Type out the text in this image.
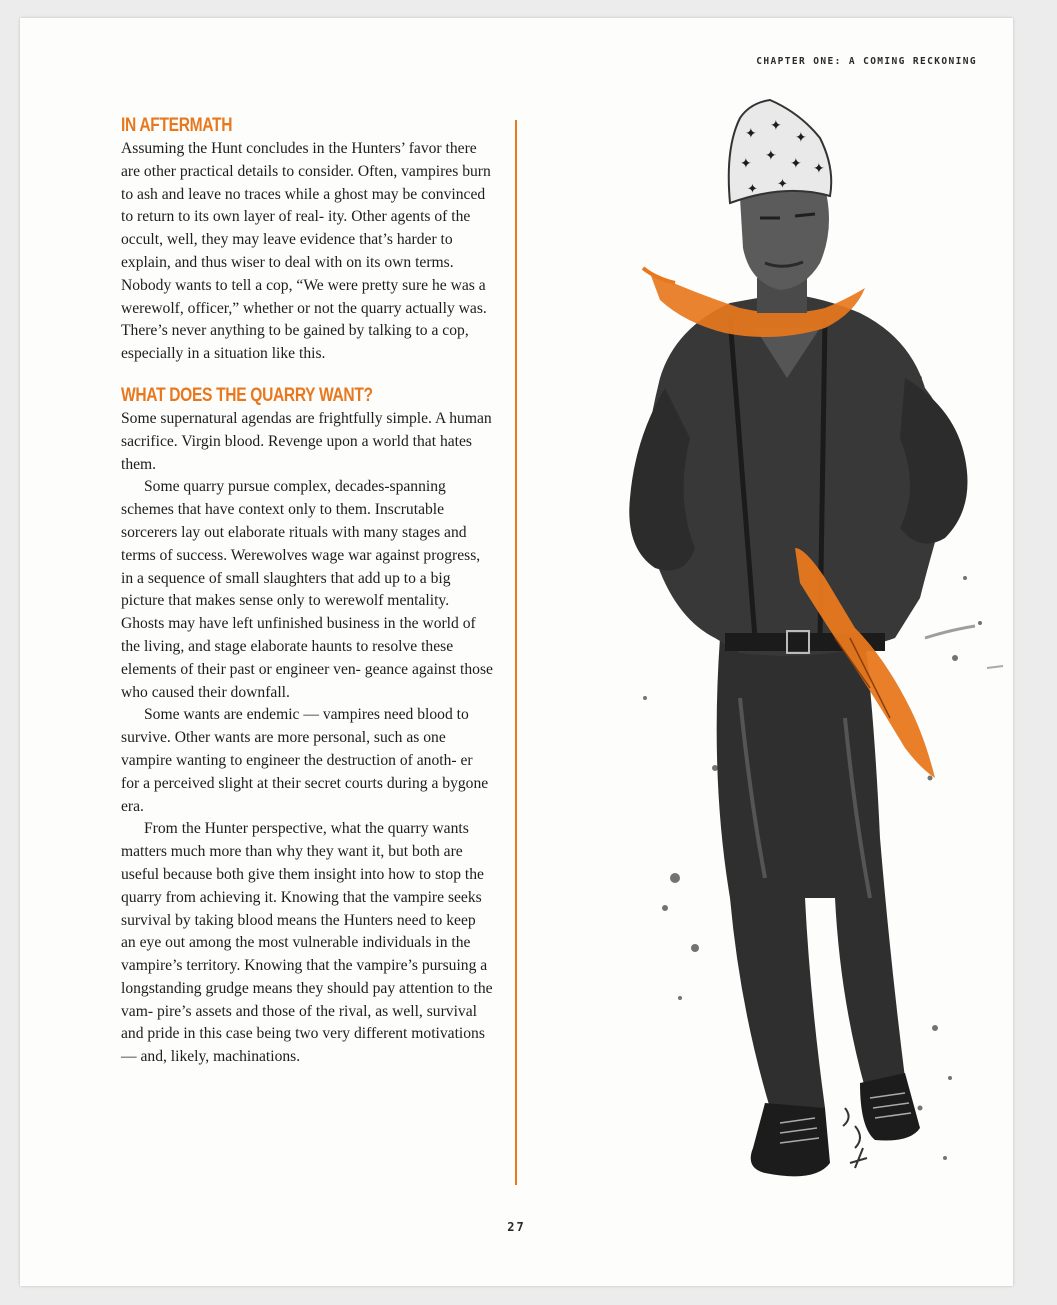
CHAPTER ONE: A COMING RECKONING
IN AFTERMATH

Assuming the Hunt concludes in the Hunters’ favor there are other practical details to consider. Often, vampires burn to ash and leave no traces while a ghost may be convinced to return to its own layer of real- ity. Other agents of the occult, well, they may leave evidence that’s harder to explain, and thus wiser to deal with on its own terms. Nobody wants to tell a cop, “We were pretty sure he was a werewolf, officer,” whether or not the quarry actually was. There’s never anything to be gained by talking to a cop, especially in a situation like this.

WHAT DOES THE QUARRY WANT?

Some supernatural agendas are frightfully simple. A human sacrifice. Virgin blood. Revenge upon a world that hates them.

Some quarry pursue complex, decades-spanning schemes that have context only to them. Inscrutable sorcerers lay out elaborate rituals with many stages and terms of success. Werewolves wage war against progress, in a sequence of small slaughters that add up to a big picture that makes sense only to werewolf mentality. Ghosts may have left unfinished business in the world of the living, and stage elaborate haunts to resolve these elements of their past or engineer ven- geance against those who caused their downfall.

Some wants are endemic — vampires need blood to survive. Other wants are more personal, such as one vampire wanting to engineer the destruction of anoth- er for a perceived slight at their secret courts during a bygone era.

From the Hunter perspective, what the quarry wants matters much more than why they want it, but both are useful because both give them insight into how to stop the quarry from achieving it. Knowing that the vampire seeks survival by taking blood means the Hunters need to keep an eye out among the most vulnerable individuals in the vampire’s territory. Knowing that the vampire’s pursuing a longstanding grudge means they should pay attention to the vam- pire’s assets and those of the rival, as well, survival and pride in this case being two very different motivations — and, likely, machinations.

✦ ✦
✦
✦ ✦ ✦ ✦
✦ ✦
27
